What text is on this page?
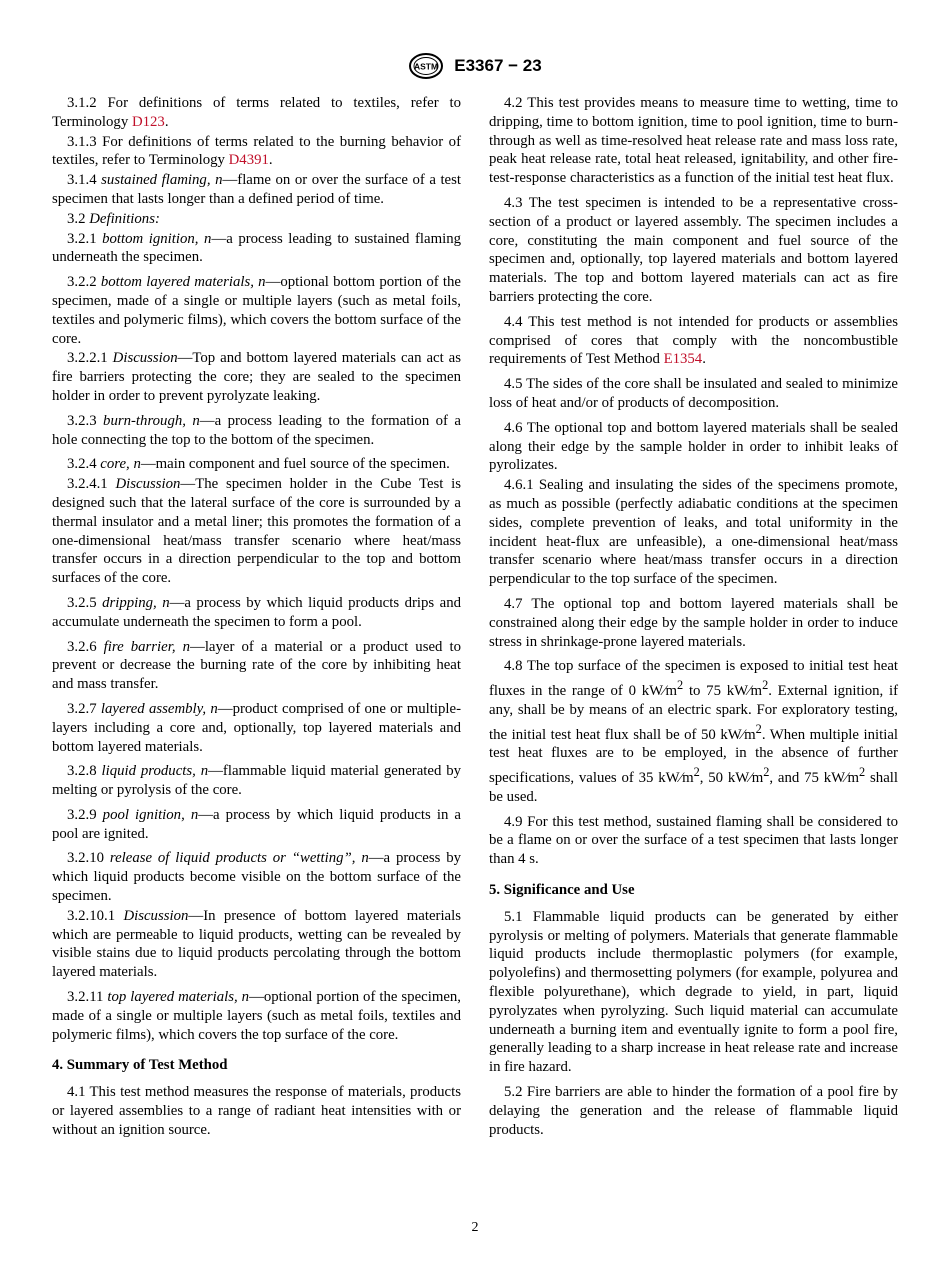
ASTM E3367 − 23

3.1.2 For definitions of terms related to textiles, refer to Terminology D123.

3.1.3 For definitions of terms related to the burning behavior of textiles, refer to Terminology D4391.

3.1.4 sustained flaming, n—flame on or over the surface of a test specimen that lasts longer than a defined period of time.

3.2 Definitions:

3.2.1 bottom ignition, n—a process leading to sustained flaming underneath the specimen.

3.2.2 bottom layered materials, n—optional bottom portion of the specimen, made of a single or multiple layers (such as metal foils, textiles and polymeric films), which covers the bottom surface of the core.

3.2.2.1 Discussion—Top and bottom layered materials can act as fire barriers protecting the core; they are sealed to the specimen holder in order to prevent pyrolyzate leaking.

3.2.3 burn-through, n—a process leading to the formation of a hole connecting the top to the bottom of the specimen.

3.2.4 core, n—main component and fuel source of the specimen.

3.2.4.1 Discussion—The specimen holder in the Cube Test is designed such that the lateral surface of the core is surrounded by a thermal insulator and a metal liner; this promotes the formation of a one-dimensional heat/mass transfer scenario where heat/mass transfer occurs in a direction perpendicular to the top and bottom surfaces of the core.

3.2.5 dripping, n—a process by which liquid products drips and accumulate underneath the specimen to form a pool.

3.2.6 fire barrier, n—layer of a material or a product used to prevent or decrease the burning rate of the core by inhibiting heat and mass transfer.

3.2.7 layered assembly, n—product comprised of one or multiple-layers including a core and, optionally, top layered materials and bottom layered materials.

3.2.8 liquid products, n—flammable liquid material generated by melting or pyrolysis of the core.

3.2.9 pool ignition, n—a process by which liquid products in a pool are ignited.

3.2.10 release of liquid products or “wetting”, n—a process by which liquid products become visible on the bottom surface of the specimen.

3.2.10.1 Discussion—In presence of bottom layered materials which are permeable to liquid products, wetting can be revealed by visible stains due to liquid products percolating through the bottom layered materials.

3.2.11 top layered materials, n—optional portion of the specimen, made of a single or multiple layers (such as metal foils, textiles and polymeric films), which covers the top surface of the core.

4. Summary of Test Method

4.1 This test method measures the response of materials, products or layered assemblies to a range of radiant heat intensities with or without an ignition source.

4.2 This test provides means to measure time to wetting, time to dripping, time to bottom ignition, time to pool ignition, time to burn-through as well as time-resolved heat release rate and mass loss rate, peak heat release rate, total heat released, ignitability, and other fire-test-response characteristics as a function of the initial test heat flux.

4.3 The test specimen is intended to be a representative cross-section of a product or layered assembly. The specimen includes a core, constituting the main component and fuel source of the specimen and, optionally, top layered materials and bottom layered materials. The top and bottom layered materials can act as fire barriers protecting the core.

4.4 This test method is not intended for products or assemblies comprised of cores that comply with the noncombustible requirements of Test Method E1354.

4.5 The sides of the core shall be insulated and sealed to minimize loss of heat and/or of products of decomposition.

4.6 The optional top and bottom layered materials shall be sealed along their edge by the sample holder in order to inhibit leaks of pyrolizates.

4.6.1 Sealing and insulating the sides of the specimens promote, as much as possible (perfectly adiabatic conditions at the specimen sides, complete prevention of leaks, and total uniformity in the incident heat-flux are unfeasible), a one-dimensional heat/mass transfer scenario where heat/mass transfer occurs in a direction perpendicular to the top surface of the specimen.

4.7 The optional top and bottom layered materials shall be constrained along their edge by the sample holder in order to induce stress in shrinkage-prone layered materials.

4.8 The top surface of the specimen is exposed to initial test heat fluxes in the range of 0 $kW⁄m^2$ to 75 $kW⁄m^2$. External ignition, if any, shall be by means of an electric spark. For exploratory testing, the initial test heat flux shall be of 50 $kW⁄m^2$. When multiple initial test heat fluxes are to be employed, in the absence of further specifications, values of 35 $kW⁄m^2$, 50 $kW⁄m^2$, and 75 $kW⁄m^2$ shall be used.

4.9 For this test method, sustained flaming shall be considered to be a flame on or over the surface of a test specimen that lasts longer than 4 s.

5. Significance and Use

5.1 Flammable liquid products can be generated by either pyrolysis or melting of polymers. Materials that generate flammable liquid products include thermoplastic polymers (for example, polyolefins) and thermosetting polymers (for example, polyurea and flexible polyurethane), which degrade to yield, in part, liquid pyrolyzates when pyrolyzing. Such liquid material can accumulate underneath a burning item and eventually ignite to form a pool fire, generally leading to a sharp increase in heat release rate and increase in fire hazard.

5.2 Fire barriers are able to hinder the formation of a pool fire by delaying the generation and the release of flammable liquid products.

2
